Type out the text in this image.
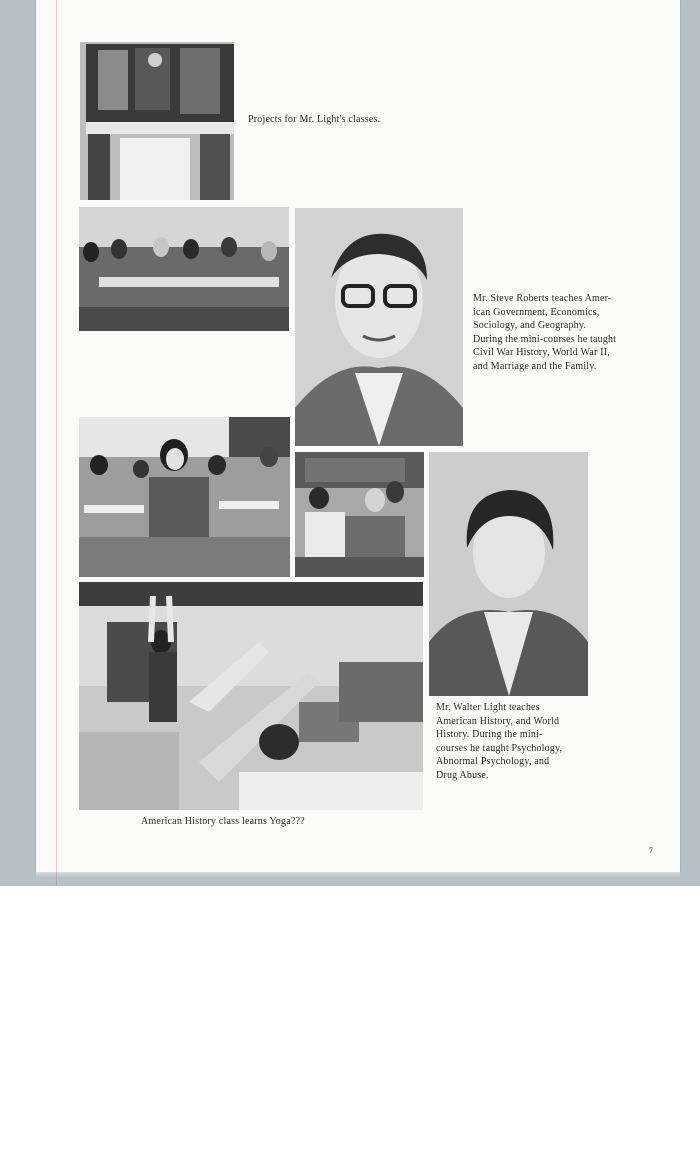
Projects for Mr. Light's classes.
Mr. Steve Roberts teaches Amer-
ican Government, Economics,
Sociology, and Geography.
During the mini-courses he taught
Civil War History, World War II,
and Marriage and the Family.
Mr. Walter Light teaches
American History, and World
History. During the mini-
courses he taught Psychology,
Abnormal Psychology, and
Drug Abuse.
American History class learns Yoga???
7
